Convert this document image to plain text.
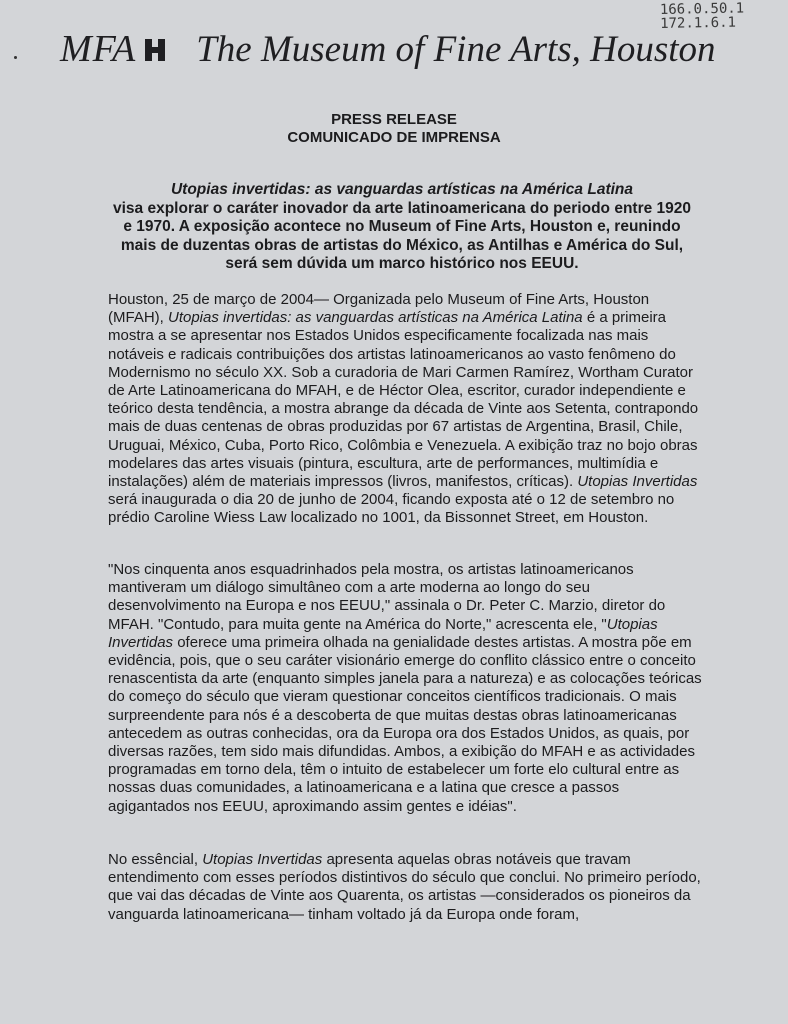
166.0.50.1
172.1.6.1
MFA The Museum of Fine Arts, Houston
PRESS RELEASE
COMUNICADO DE IMPRENSA
Utopias invertidas: as vanguardas artísticas na América Latina
visa explorar o caráter inovador da arte latinoamericana do periodo entre 1920 e 1970. A exposição acontece no Museum of Fine Arts, Houston e, reunindo mais de duzentas obras de artistas do México, as Antilhas e América do Sul, será sem dúvida um marco histórico nos EEUU.
Houston, 25 de março de 2004— Organizada pelo Museum of Fine Arts, Houston (MFAH), Utopias invertidas: as vanguardas artísticas na América Latina é a primeira mostra a se apresentar nos Estados Unidos especificamente focalizada nas mais notáveis e radicais contribuições dos artistas latinoamericanos ao vasto fenômeno do Modernismo no século XX. Sob a curadoria de Mari Carmen Ramírez, Wortham Curator de Arte Latinoamericana do MFAH, e de Héctor Olea, escritor, curador independiente e teórico desta tendência, a mostra abrange da década de Vinte aos Setenta, contrapondo mais de duas centenas de obras produzidas por 67 artistas de Argentina, Brasil, Chile, Uruguai, México, Cuba, Porto Rico, Colômbia e Venezuela. A exibição traz no bojo obras modelares das artes visuais (pintura, escultura, arte de performances, multimídia e instalações) além de materiais impressos (livros, manifestos, críticas). Utopias Invertidas será inaugurada o dia 20 de junho de 2004, ficando exposta até o 12 de setembro no prédio Caroline Wiess Law localizado no 1001, da Bissonnet Street, em Houston.
"Nos cinquenta anos esquadrinhados pela mostra, os artistas latinoamericanos mantiveram um diálogo simultâneo com a arte moderna ao longo do seu desenvolvimento na Europa e nos EEUU," assinala o Dr. Peter C. Marzio, diretor do MFAH. "Contudo, para muita gente na América do Norte," acrescenta ele, "Utopias Invertidas oferece uma primeira olhada na genialidade destes artistas. A mostra põe em evidência, pois, que o seu caráter visionário emerge do conflito clássico entre o conceito renascentista da arte (enquanto simples janela para a natureza) e as colocações teóricas do começo do século que vieram questionar conceitos científicos tradicionais. O mais surpreendente para nós é a descoberta de que muitas destas obras latinoamericanas antecedem as outras conhecidas, ora da Europa ora dos Estados Unidos, as quais, por diversas razões, tem sido mais difundidas. Ambos, a exibição do MFAH e as actividades programadas em torno dela, têm o intuito de estabelecer um forte elo cultural entre as nossas duas comunidades, a latinoamericana e a latina que cresce a passos agigantados nos EEUU, aproximando assim gentes e idéias".
No essêncial, Utopias Invertidas apresenta aquelas obras notáveis que travam entendimento com esses períodos distintivos do século que conclui. No primeiro período, que vai das décadas de Vinte aos Quarenta, os artistas —considerados os pioneiros da vanguarda latinoamericana— tinham voltado já da Europa onde foram,
